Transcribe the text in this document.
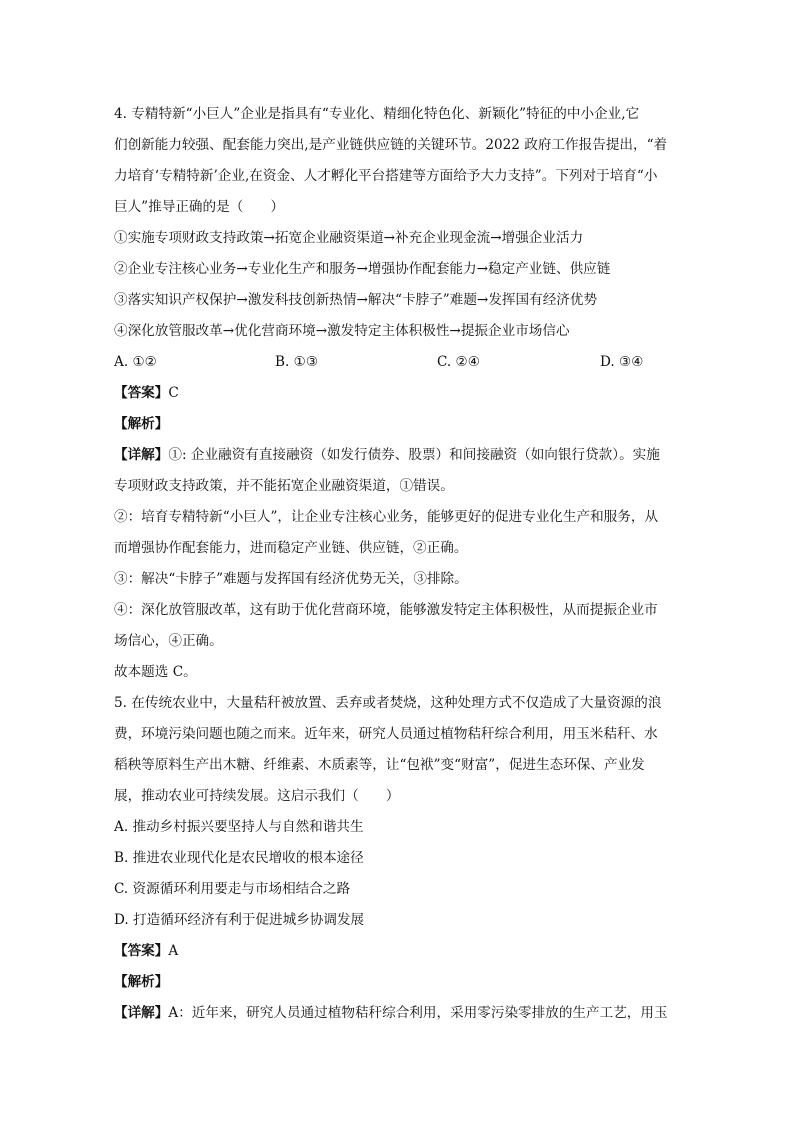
4. 专精特新“小巨人”企业是指具有“专业化、精细化特色化、新颖化”特征的中小企业,它
们创新能力较强、配套能力突出,是产业链供应链的关键环节。2022 政府工作报告提出，“着
力培育‘专精特新’企业,在资金、人才孵化平台搭建等方面给予大力支持”。下列对于培育“小
巨人”推导正确的是（　　）
①实施专项财政支持政策→拓宽企业融资渠道→补充企业现金流→增强企业活力
②企业专注核心业务→专业化生产和服务→增强协作配套能力→稳定产业链、供应链
③落实知识产权保护→激发科技创新热情→解决“卡脖子”难题→发挥国有经济优势
④深化放管服改革→优化营商环境→激发特定主体积极性→提振企业市场信心
A. ①②	B. ①③	C. ②④	D. ③④
【答案】C
【解析】
【详解】①: 企业融资有直接融资（如发行债券、股票）和间接融资（如向银行贷款）。实施
专项财政支持政策，并不能拓宽企业融资渠道，①错误。
②：培育专精特新“小巨人”，让企业专注核心业务，能够更好的促进专业化生产和服务，从
而增强协作配套能力，进而稳定产业链、供应链，②正确。
③：解决“卡脖子”难题与发挥国有经济优势无关，③排除。
④：深化放管服改革，这有助于优化营商环境，能够激发特定主体积极性，从而提振企业市
场信心，④正确。
故本题选 C。
5. 在传统农业中，大量秸秆被放置、丢弃或者焚烧，这种处理方式不仅造成了大量资源的浪
费，环境污染问题也随之而来。近年来，研究人员通过植物秸秆综合利用，用玉米秸秆、水
稻秧等原料生产出木糖、纤维素、木质素等，让“包袱”变“财富”，促进生态环保、产业发
展，推动农业可持续发展。这启示我们（　　）
A. 推动乡村振兴要坚持人与自然和谐共生
B. 推进农业现代化是农民增收的根本途径
C. 资源循环利用要走与市场相结合之路
D. 打造循环经济有利于促进城乡协调发展
【答案】A
【解析】
【详解】A：近年来，研究人员通过植物秸秆综合利用，采用零污染零排放的生产工艺，用玉
